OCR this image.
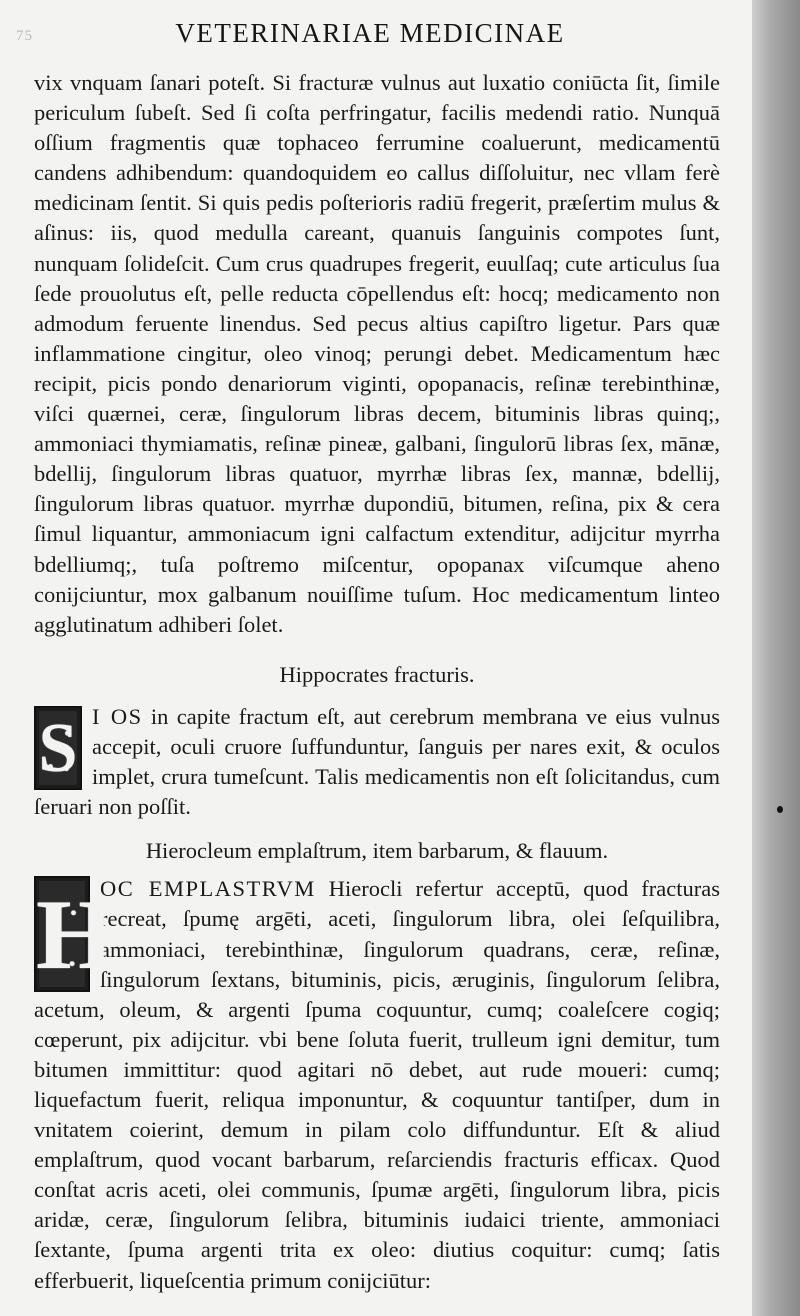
75	VETERINARIAE MEDICINAE

vix vnquam ſanari poteſt. Si fracturæ vulnus aut luxatio coniūcta ſit, ſimile periculum ſubeſt. Sed ſi coſta perfringatur, facilis medendi ratio. Nunquā oſſium fragmentis quæ tophaceo ferrumine coaluerunt, medicamentū candens adhibendum: quandoquidem eo callus diſſoluitur, nec vllam ferè medicinam ſentit. Si quis pedis poſterioris radiū fregerit, præſertim mulus & aſinus: iis, quod medulla careant, quanuis ſanguinis compotes ſunt, nunquam ſolideſcit. Cum crus quadrupes fregerit, euulſaq; cute articulus ſua ſede prouolutus eſt, pelle reducta cōpellendus eſt: hocq; medicamento non admodum feruente linendus. Sed pecus altius capiſtro ligetur. Pars quæ inflammatione cingitur, oleo vinoq; perungi debet. Medicamentum hæc recipit, picis pondo denariorum viginti, opopanacis, reſinæ terebinthinæ, viſci quærnei, ceræ, ſingulorum libras decem, bituminis libras quinq;, ammoniaci thymiamatis, reſinæ pineæ, galbani, ſingulorū libras ſex, mānæ, bdellij, ſingulorum libras quatuor, myrrhæ libras ſex, mannæ, bdellij, ſingulorum libras quatuor. myrrhæ dupondiū, bitumen, reſina, pix & cera ſimul liquantur, ammoniacum igni calfactum extenditur, adijcitur myrrha bdelliumq;, tuſa poſtremo miſcentur, opopanax viſcumque aheno conijciuntur, mox galbanum nouiſſime tuſum. Hoc medicamentum linteo agglutinatum adhiberi ſolet.

Hippocrates fracturis.

S I OS in capite fractum eſt, aut cerebrum membrana ve eius vulnus accepit, oculi cruore ſuffunduntur, ſanguis per nares exit, & oculos implet, crura tumeſcunt. Talis medicamentis non eſt ſolicitandus, cum ſeruari non poſſit.

Hierocleum emplaſtrum, item barbarum, & flauum.

H
OC EMPLASTRVM Hierocli refertur acceptū, quod fracturas recreat, ſpumę argēti, aceti, ſingulorum libra, olei ſeſquilibra, ammoniaci, terebinthinæ, ſingulorum quadrans, ceræ, reſinæ, ſingulorum ſextans, bituminis, picis, æruginis, ſingulorum ſelibra, acetum, oleum, & argenti ſpuma coquuntur, cumq; coaleſcere cogiq; cœperunt, pix adijcitur. vbi bene ſoluta fuerit, trulleum igni demitur, tum bitumen immittitur: quod agitari nō debet, aut rude moueri: cumq; liquefactum fuerit, reliqua imponuntur, & coquuntur tantiſper, dum in vnitatem coierint, demum in pilam colo diffunduntur. Eſt & aliud emplaſtrum, quod vocant barbarum, reſarciendis fracturis efficax. Quod conſtat acris aceti, olei communis, ſpumæ argēti, ſingulorum libra, picis aridæ, ceræ, ſingulorum ſelibra, bituminis iudaici triente, ammoniaci ſextante, ſpuma argenti trita ex oleo: diutius coquitur: cumq; ſatis efferbuerit, liqueſcentia primum conijciūtur:
